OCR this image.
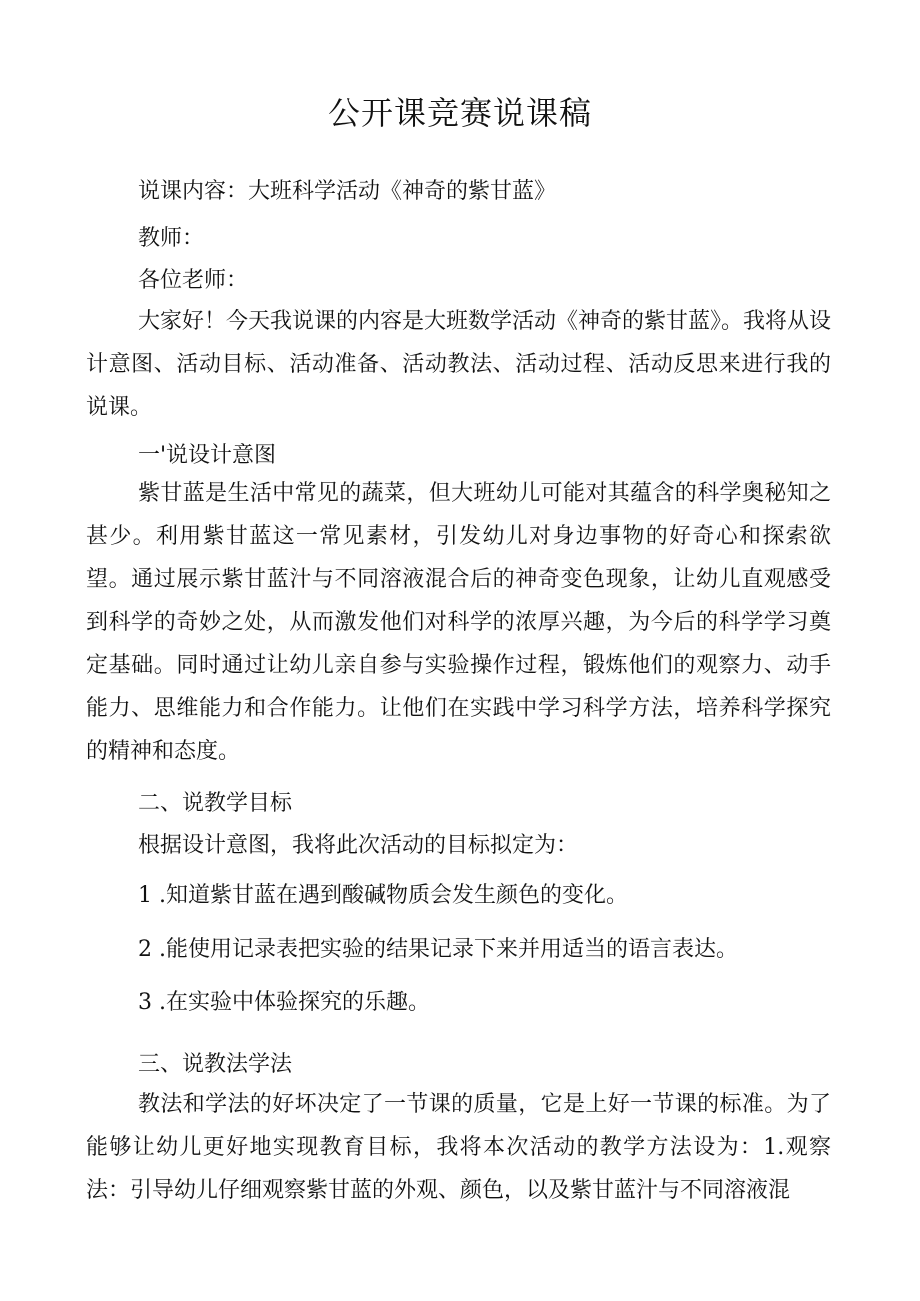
公开课竞赛说课稿
说课内容：大班科学活动《神奇的紫甘蓝》
教师：
各位老师：
大家好！今天我说课的内容是大班数学活动《神奇的紫甘蓝》。我将从设计意图、活动目标、活动准备、活动教法、活动过程、活动反思来进行我的说课。
一'说设计意图
紫甘蓝是生活中常见的蔬菜，但大班幼儿可能对其蕴含的科学奥秘知之甚少。利用紫甘蓝这一常见素材，引发幼儿对身边事物的好奇心和探索欲望。通过展示紫甘蓝汁与不同溶液混合后的神奇变色现象，让幼儿直观感受到科学的奇妙之处，从而激发他们对科学的浓厚兴趣，为今后的科学学习奠定基础。同时通过让幼儿亲自参与实验操作过程，锻炼他们的观察力、动手能力、思维能力和合作能力。让他们在实践中学习科学方法，培养科学探究的精神和态度。
二、说教学目标
根据设计意图，我将此次活动的目标拟定为：
1 .知道紫甘蓝在遇到酸碱物质会发生颜色的变化。
2 .能使用记录表把实验的结果记录下来并用适当的语言表达。
3 .在实验中体验探究的乐趣。
三、说教法学法
教法和学法的好坏决定了一节课的质量，它是上好一节课的标准。为了能够让幼儿更好地实现教育目标，我将本次活动的教学方法设为：1.观察法：引导幼儿仔细观察紫甘蓝的外观、颜色，以及紫甘蓝汁与不同溶液混
